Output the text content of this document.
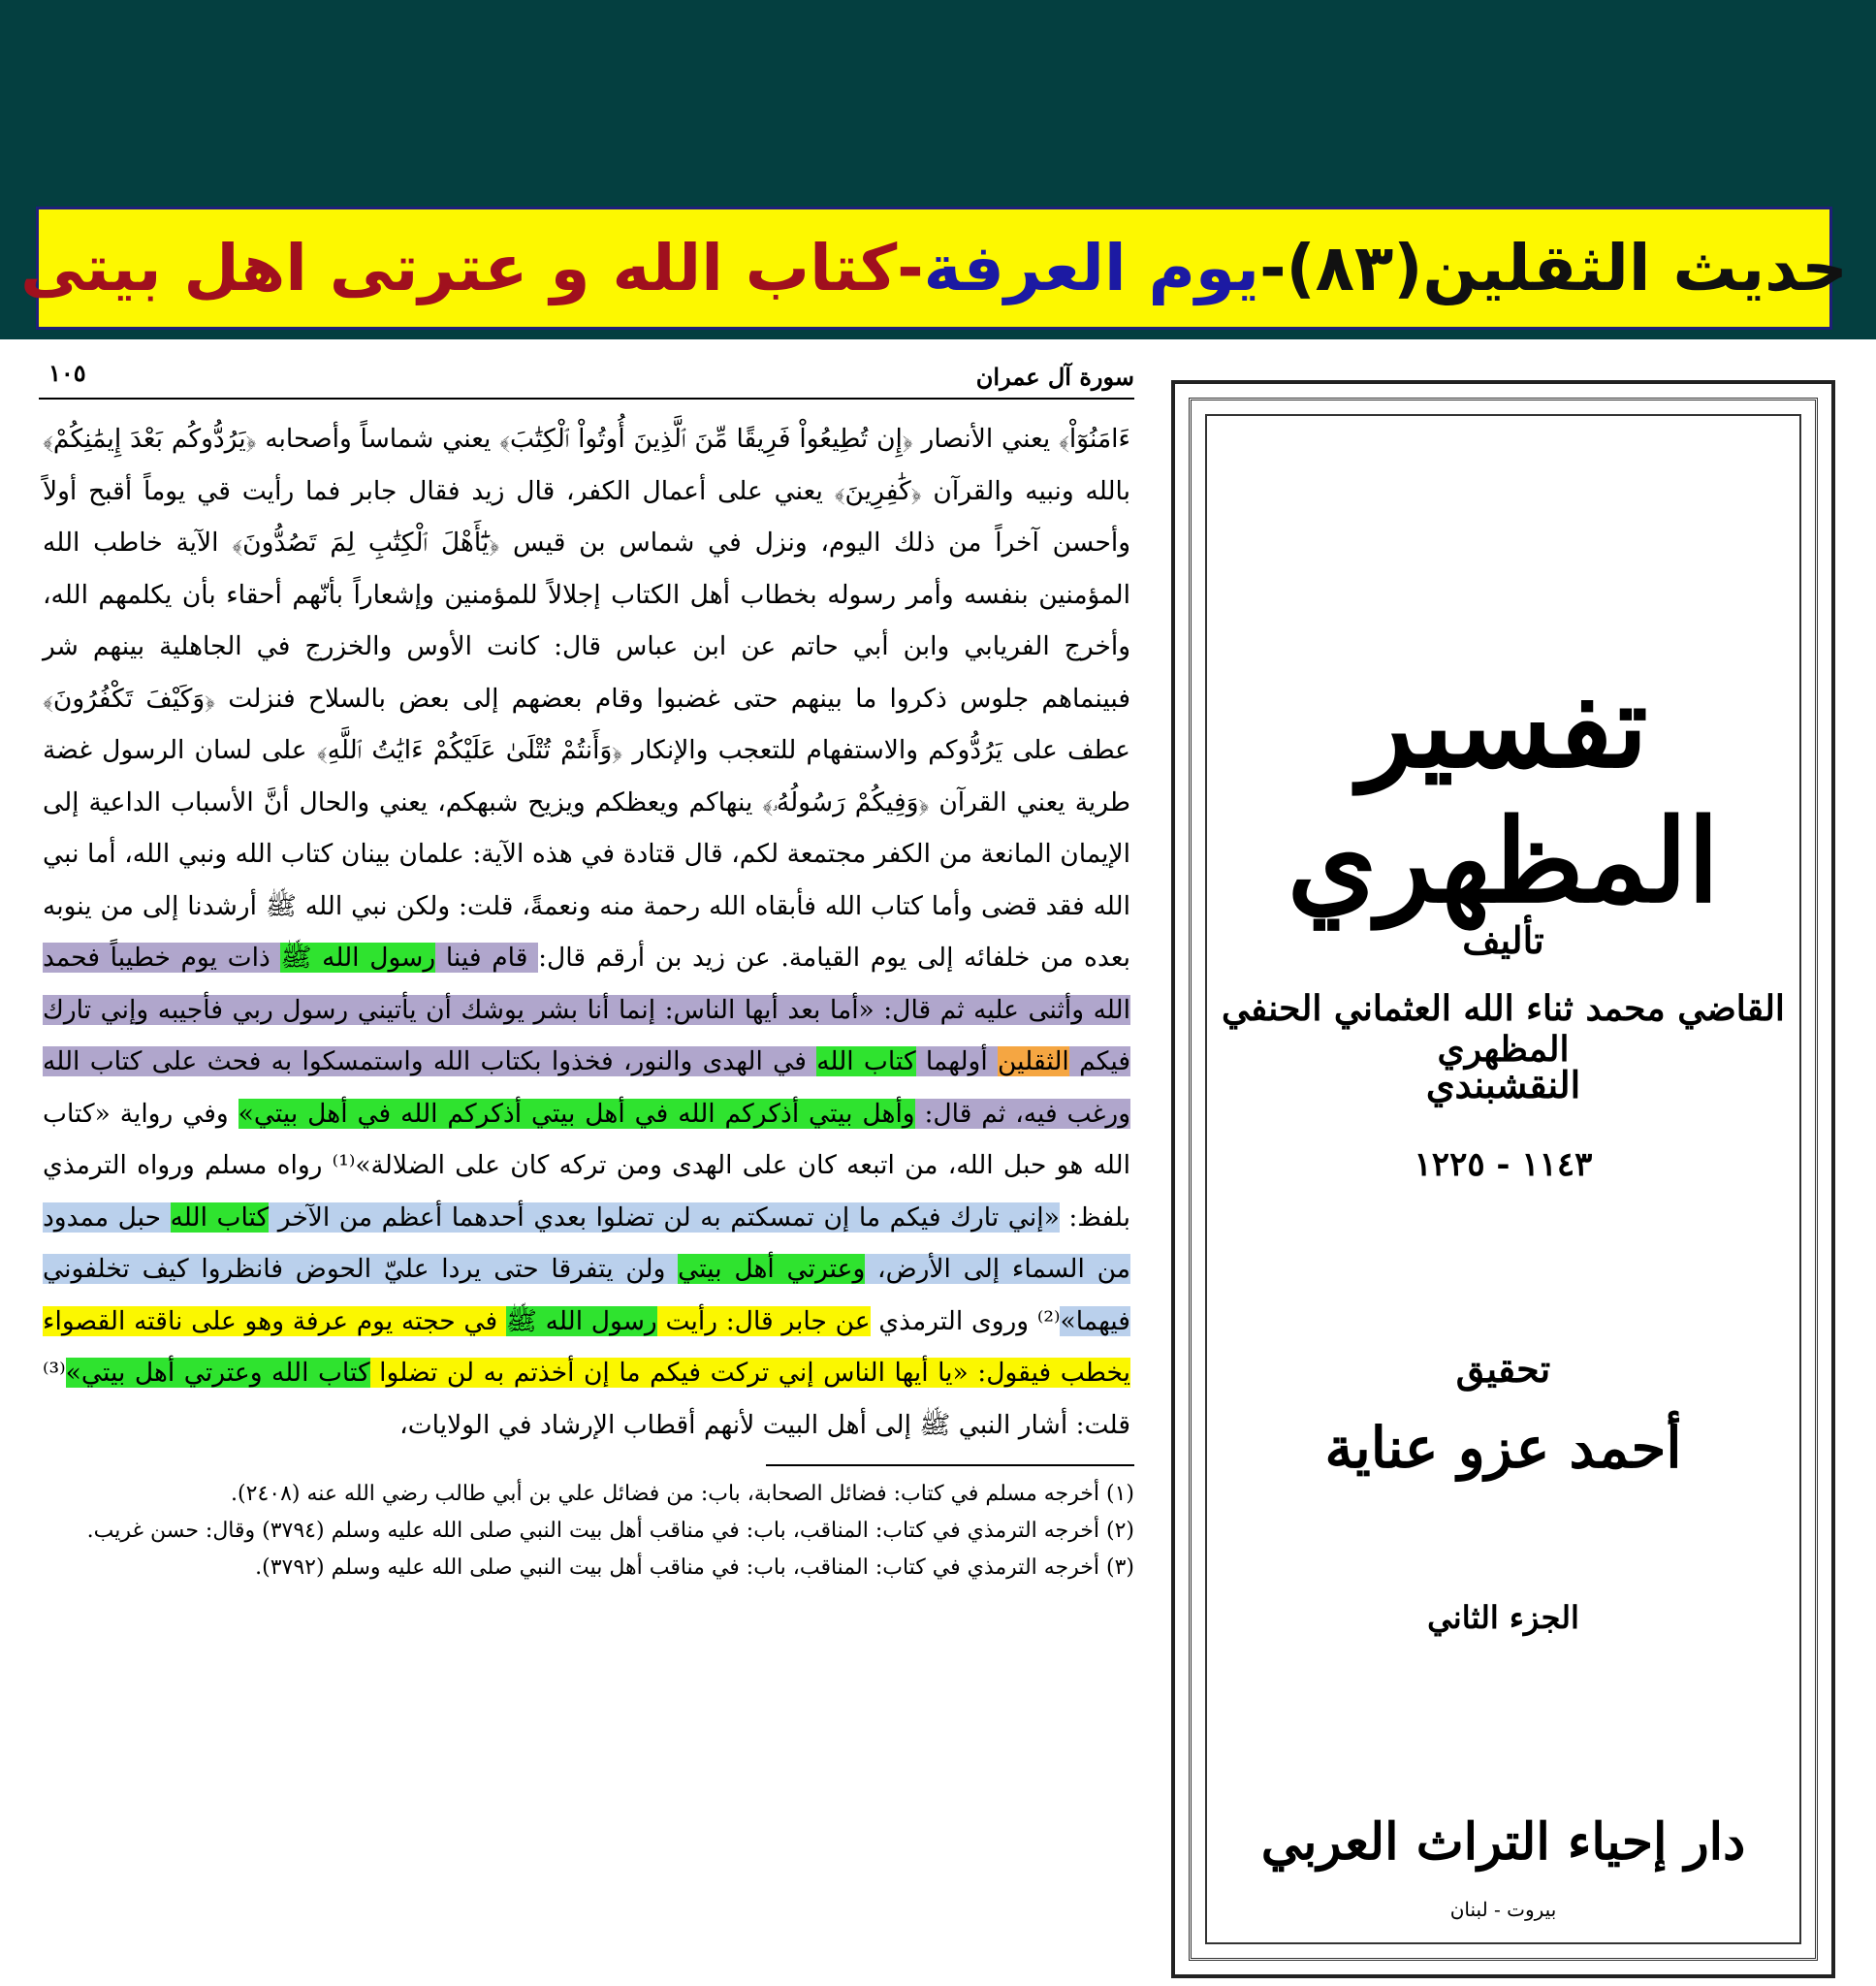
حديث الثقلين(٨٣)-
يوم العرفة
-كتاب الله و عترتی اهل بيتی
سورة آل عمران
١٠٥

ءَامَنُوٓاْ﴾ يعني الأنصار ﴿إِن تُطِيعُواْ فَرِيقًا مِّنَ ٱلَّذِينَ أُوتُواْ ٱلْكِتَٰبَ﴾ يعني شماساً وأصحابه ﴿يَرُدُّوكُم بَعْدَ إِيمَٰنِكُمْ﴾ بالله ونبيه والقرآن ﴿كَٰفِرِينَ﴾ يعني على أعمال الكفر، قال زيد فقال جابر فما رأيت قي يوماً أقبح أولاً وأحسن آخراً من ذلك اليوم، ونزل في شماس بن قيس ﴿يَٰٓأَهْلَ ٱلْكِتَٰبِ لِمَ تَصُدُّونَ﴾ الآية خاطب الله المؤمنين بنفسه وأمر رسوله بخطاب أهل الكتاب إجلالاً للمؤمنين وإشعاراً بأنّهم أحقاء بأن يكلمهم الله، وأخرج الفريابي وابن أبي حاتم عن ابن عباس قال: كانت الأوس والخزرج في الجاهلية بينهم شر فبينماهم جلوس ذكروا ما بينهم حتى غضبوا وقام بعضهم إلى بعض بالسلاح فنزلت ﴿وَكَيْفَ تَكْفُرُونَ﴾ عطف على يَرُدُّوكم والاستفهام للتعجب والإنكار ﴿وَأَنتُمْ تُتْلَىٰ عَلَيْكُمْ ءَايَٰتُ ٱللَّهِ﴾ على لسان الرسول غضة طرية يعني القرآن ﴿وَفِيكُمْ رَسُولُهُۥ﴾ ينهاكم ويعظكم ويزيح شبهكم، يعني والحال أنَّ الأسباب الداعية إلى الإيمان المانعة من الكفر مجتمعة لكم، قال قتادة في هذه الآية: علمان بينان كتاب الله ونبي الله، أما نبي الله فقد قضى وأما كتاب الله فأبقاه الله رحمة منه ونعمةً، قلت: ولكن نبي الله ﷺ أرشدنا إلى من ينوبه بعده من خلفائه إلى يوم القيامة. عن زيد بن أرقم قال: قام فينا رسول الله ﷺ ذات يوم خطيباً فحمد الله وأثنى عليه ثم قال: «أما بعد أيها الناس: إنما أنا بشر يوشك أن يأتيني رسول ربي فأجيبه وإني تارك فيكم الثقلين أولهما كتاب الله في الهدى والنور، فخذوا بكتاب الله واستمسكوا به فحث على كتاب الله ورغب فيه، ثم قال: وأهل بيتي أذكركم الله في أهل بيتي أذكركم الله في أهل بيتي» وفي رواية «كتاب الله هو حبل الله، من اتبعه كان على الهدى ومن تركه كان على الضلالة»⁽¹⁾ رواه مسلم ورواه الترمذي بلفظ: «إني تارك فيكم ما إن تمسكتم به لن تضلوا بعدي أحدهما أعظم من الآخر كتاب الله حبل ممدود من السماء إلى الأرض، وعترتي أهل بيتي ولن يتفرقا حتى يردا عليّ الحوض فانظروا كيف تخلفوني فيهما»⁽²⁾ وروى الترمذي عن جابر قال: رأيت رسول الله ﷺ في حجته يوم عرفة وهو على ناقته القصواء يخطب فيقول: «يا أيها الناس إني تركت فيكم ما إن أخذتم به لن تضلوا كتاب الله وعترتي أهل بيتي»⁽³⁾ قلت: أشار النبي ﷺ إلى أهل البيت لأنهم أقطاب الإرشاد في الولايات،

(١) أخرجه مسلم في كتاب: فضائل الصحابة، باب: من فضائل علي بن أبي طالب رضي الله عنه (٢٤٠٨).

(٢) أخرجه الترمذي في كتاب: المناقب، باب: في مناقب أهل بيت النبي صلى الله عليه وسلم (٣٧٩٤) وقال: حسن غريب.

(٣) أخرجه الترمذي في كتاب: المناقب، باب: في مناقب أهل بيت النبي صلى الله عليه وسلم (٣٧٩٢).

تفسير المظهري
تأليف
القاضي محمد ثناء الله العثماني الحنفي المظهري
النقشبندي
١١٤٣ - ١٢٢٥
تحقيق
أحمد عزو عناية
الجزء الثاني
دار إحياء التراث العربي
بيروت - لبنان
